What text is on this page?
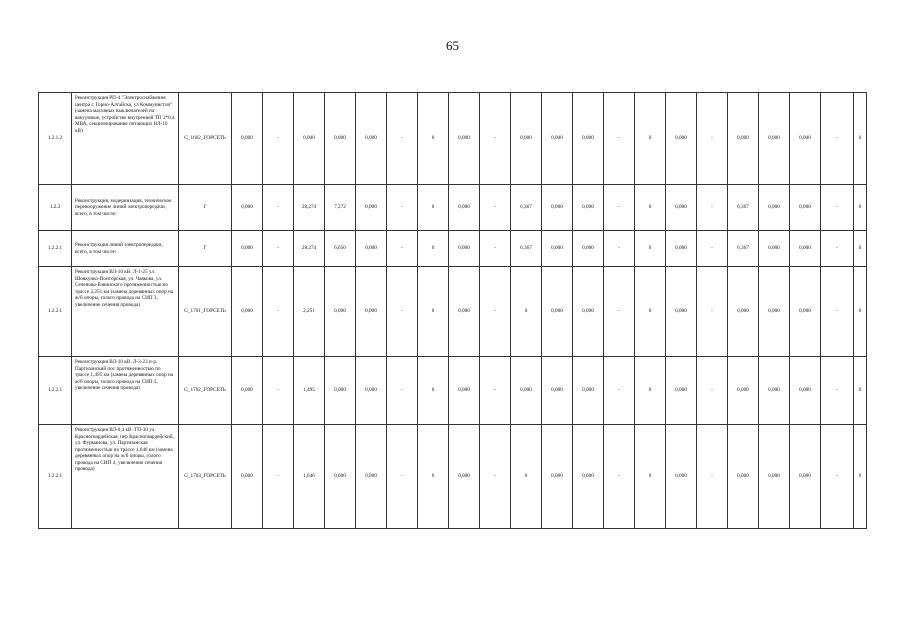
65
1.2.1.2	Реконструкция РП-4 "Электроснабжения центра г. Горно-Алтайска, ул Коммунистич"(замена масляных выключателей на вакуумные, устройство внутренней ТП 2*0,4 МВА, секционирование питающих ВЛ-10 кВ)	G_1602_ГОРСЕТЬ	0,000	-	0,000	0,000	0,000	-	0	0,000	-	0,000	0,000	0,000	-	0	0,000	-	0,000	0,000	0,000	-	0
1.2.2	Реконструкция, модернизация, техническое перевооружение линий электропередачи, всего, в том числе:	Г	0,000	-	28,274	7,272	0,000	-	0	0,000	-	6,367	0,000	0,000	-	0	0,000	-	6,367	0,000	0,000	-	0
1.2.2.1	Реконструкция линий электропередачи, всего, в том числе:	Г	0,000	-	28,274	6,050	0,000	-	0	0,000	-	6,367	0,000	0,000	-	0	0,000	-	6,367	0,000	0,000	-	0
1.2.2.1	Реконструкция ВЛ-10 кВ. Л-1-25 ул. Шовкунко-Понторская, ул. Чаякова, ул. Сеченова-Взвинского протяженностью по трассе 2,251 км (замена деревянных опор на ж/б опоры, голого провода на СИП 3, увеличение сечения провода)	G_1701_ГОРСЕТЬ	0,000	-	2,251	0,000	0,000	-	0	0,000	-	0	0,000	0,000	-	0	0,000	-	0,000	0,000	0,000	-	0
1.2.2.1	Реконструкция ВЛ-10 кВ. Л-3-23 п-р. Партизанский пос протяженностью по трассе 1,495 км (замена деревянных опор на ж/б опоры, голого провода на СИП 3, увеличение сечения провода)	G_1702_ГОРСЕТЬ	0,000	-	1,495	0,000	0,000	-	0	0,000	-	0,000	0,000	0,000	-	0	0,000	-	0,000	0,000	0,000	-	0
1.2.2.1	Реконструкция ВЛ-0,4 кВ. ТП-30 ул. Красногвардейская, пер Красногвардейский, ул. Фурманова, ул. Партизанская протяженностью по трассе 1,646 км (замена деревянных опор на ж/б опоры, голого провода на СИП 4, увеличение сечения провода)	G_1703_ГОРСЕТЬ	0,000	-	1,646	0,000	0,000	-	0	0,000	-	0	0,000	0,000	-	0	0,000	-	0,000	0,000	0,000	-	0
